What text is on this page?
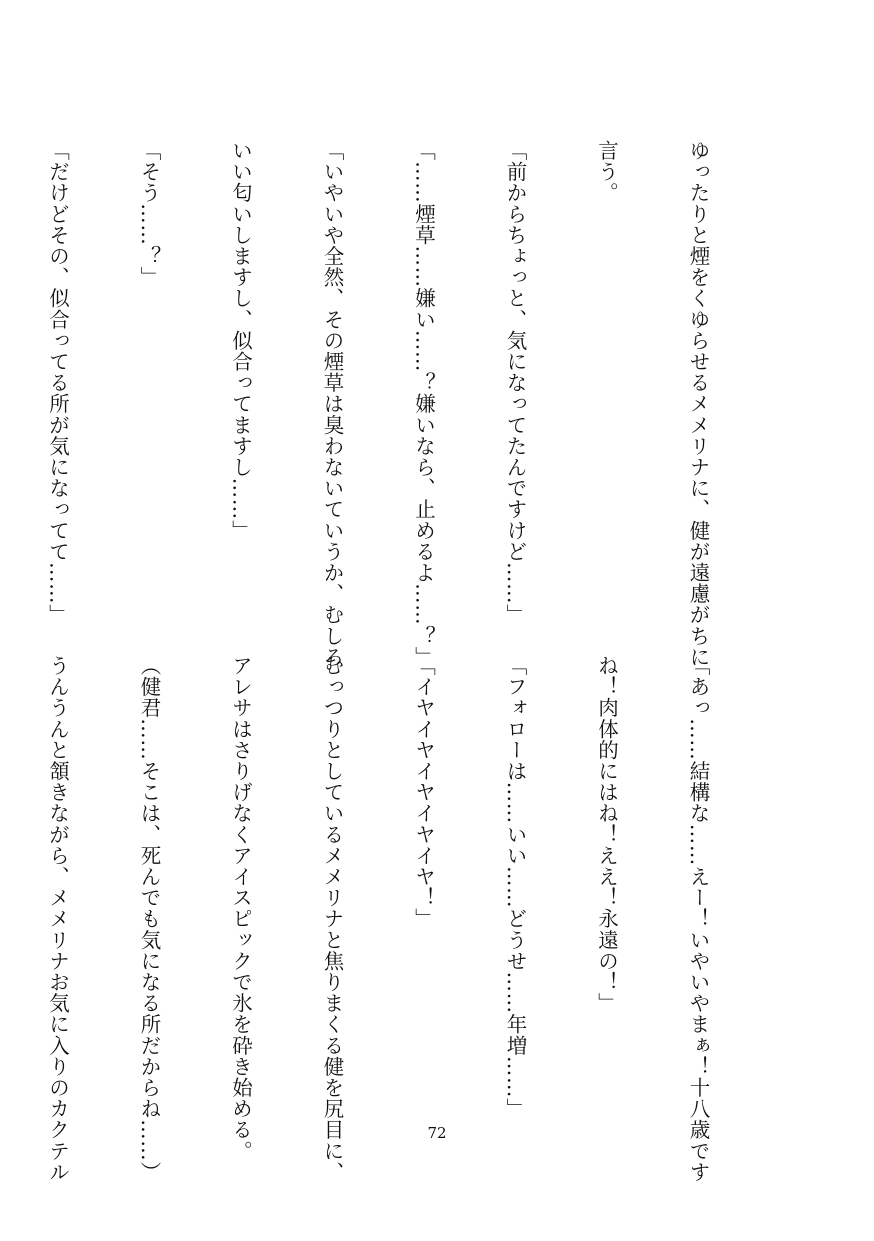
ゆったりと煙をくゆらせるメメリナに、健が遠慮がちに

言う。

「前からちょっと、気になってたんですけど……」

「……煙草……嫌い……？嫌いなら、止めるよ……？」

「いやいや全然、その煙草は臭わないていうか、むしろ

いい匂いしますし、似合ってますし……」

「そう……？」

「だけどその、似合ってる所が気になってて……」

「あっ……結構な……えー！いやいやまぁ！十八歳です

ね！肉体的にはね！ええ！永遠の！」

「フォローは……いい……どうせ……年増……」

「イヤイヤイヤイヤイヤ！」

むっつりとしているメメリナと焦りまくる健を尻目に、

アレサはさりげなくアイスピックで氷を砕き始める。

（健君……そこは、死んでも気になる所だからね……）

うんうんと頷きながら、メメリナお気に入りのカクテル

	72
